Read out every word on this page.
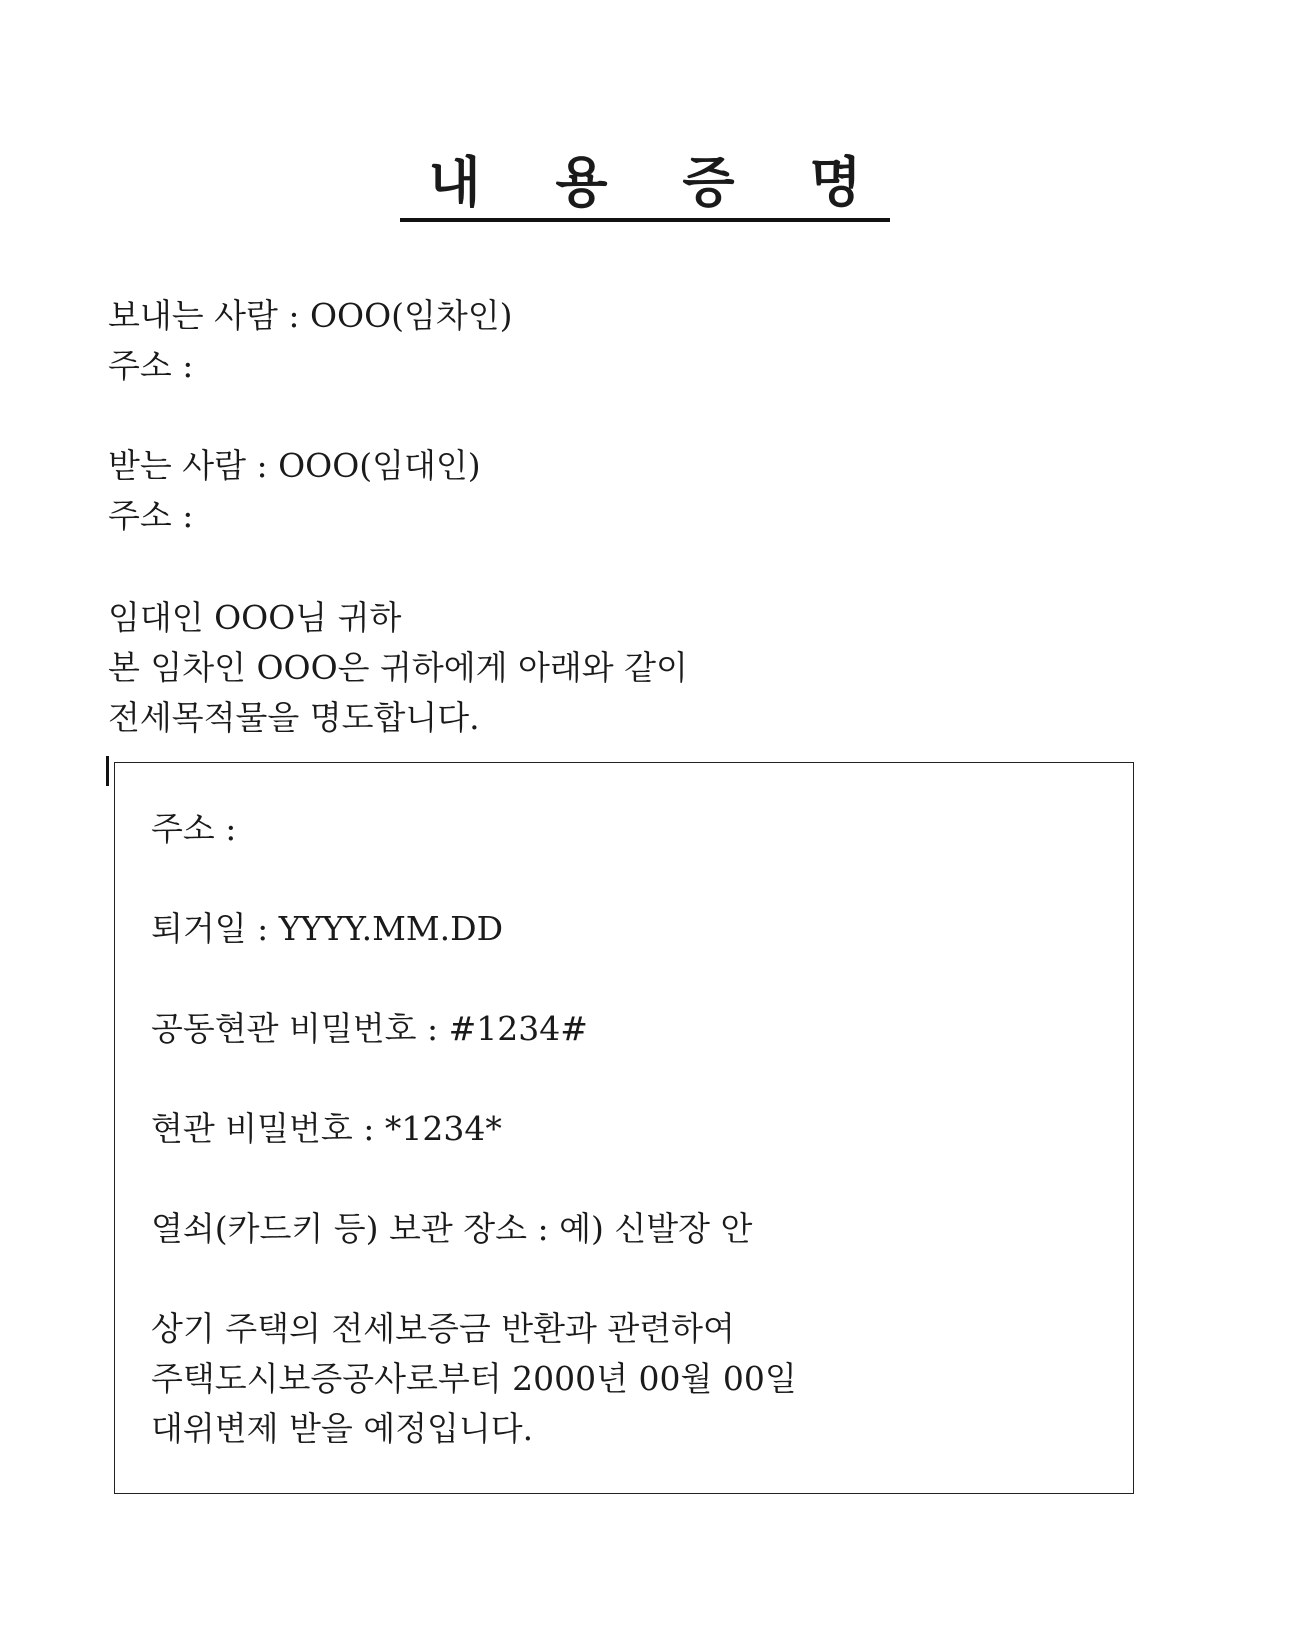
내 용 증 명

보내는 사람 : OOO(임차인)

주소 :

받는 사람 : OOO(임대인)

주소 :

임대인 OOO님 귀하

본 임차인 OOO은 귀하에게 아래와 같이

전세목적물을 명도합니다.

주소 :

퇴거일 : YYYY.MM.DD

공동현관 비밀번호 : #1234#

현관 비밀번호 : *1234*

열쇠(카드키 등) 보관 장소 : 예) 신발장 안

상기 주택의 전세보증금 반환과 관련하여

주택도시보증공사로부터 2000년 00월 00일

대위변제 받을 예정입니다.
